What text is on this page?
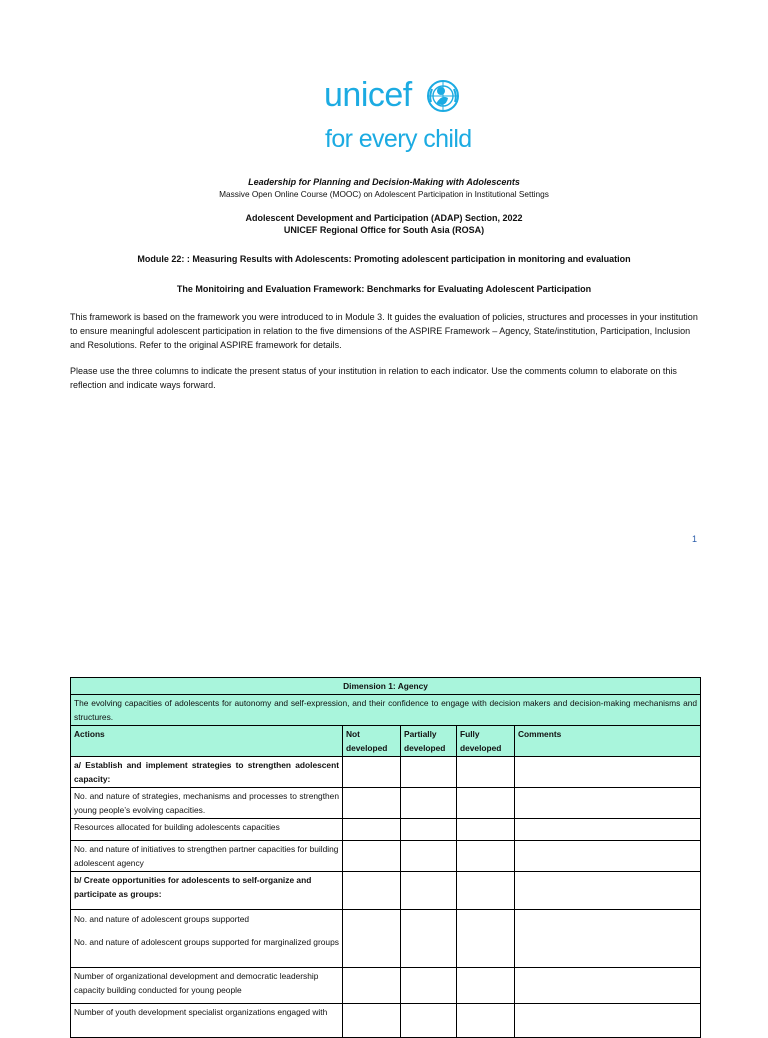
unicef
for every child
Leadership for Planning and Decision-Making with Adolescents
Massive Open Online Course (MOOC) on Adolescent Participation in Institutional Settings
Adolescent Development and Participation (ADAP) Section, 2022
UNICEF Regional Office for South Asia (ROSA)
Module 22: : Measuring Results with Adolescents: Promoting adolescent participation in monitoring and evaluation
The Monitoiring and Evaluation Framework: Benchmarks for Evaluating Adolescent Participation
This framework is based on the framework you were introduced to in Module 3. It guides the evaluation of policies, structures and processes in your institution to ensure meaningful adolescent participation in relation to the five dimensions of the ASPIRE Framework – Agency, State/institution, Participation, Inclusion and Resolutions. Refer to the original ASPIRE framework for details.
Please use the three columns to indicate the present status of your institution in relation to each indicator. Use the comments column to elaborate on this reflection and indicate ways forward.
1
Dimension 1: Agency				
The evolving capacities of adolescents for autonomy and self-expression, and their confidence to engage with decision makers and decision-making mechanisms and structures.				
Actions	Not developed	Partially developed	Fully developed	Comments
a/ Establish and implement strategies to strengthen adolescent capacity:				
No. and nature of strategies, mechanisms and processes to strengthen young people’s evolving capacities.				
Resources allocated for building adolescents capacities				
No. and nature of initiatives to strengthen partner capacities for building adolescent agency				
b/ Create opportunities for adolescents to self-organize and participate as groups:				

No. and nature of adolescent groups supported
No. and nature of adolescent groups supported for marginalized groups				

Number of organizational development and democratic leadership capacity building conducted for young people				
Number of youth development specialist organizations engaged with				
